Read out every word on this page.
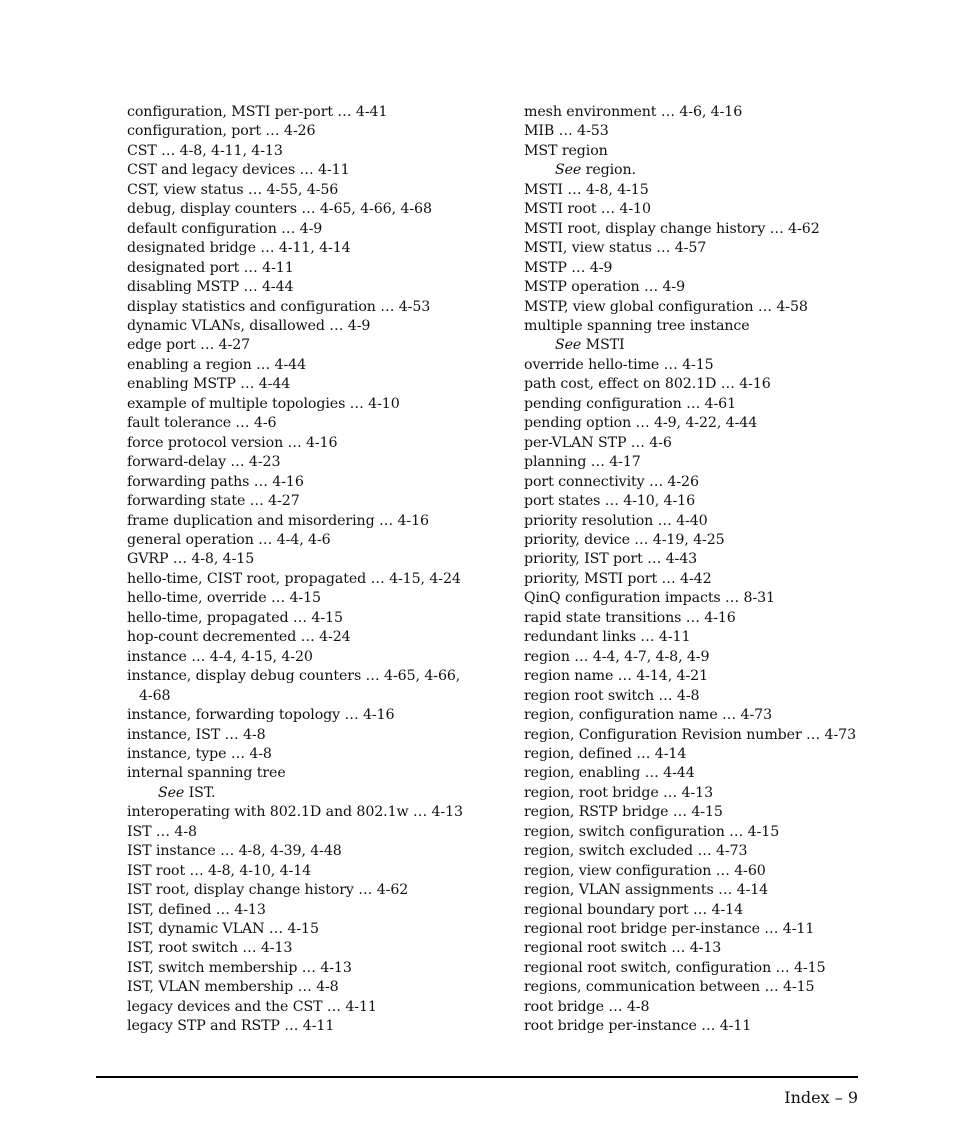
configuration, MSTI per-port … 4-41
configuration, port … 4-26
CST … 4-8, 4-11, 4-13
CST and legacy devices … 4-11
CST, view status … 4-55, 4-56
debug, display counters … 4-65, 4-66, 4-68
default configuration … 4-9
designated bridge … 4-11, 4-14
designated port … 4-11
disabling MSTP … 4-44
display statistics and configuration … 4-53
dynamic VLANs, disallowed … 4-9
edge port … 4-27
enabling a region … 4-44
enabling MSTP … 4-44
example of multiple topologies … 4-10
fault tolerance … 4-6
force protocol version … 4-16
forward-delay … 4-23
forwarding paths … 4-16
forwarding state … 4-27
frame duplication and misordering … 4-16
general operation … 4-4, 4-6
GVRP … 4-8, 4-15
hello-time, CIST root, propagated … 4-15, 4-24
hello-time, override … 4-15
hello-time, propagated … 4-15
hop-count decremented … 4-24
instance … 4-4, 4-15, 4-20
instance, display debug counters … 4-65, 4-66,
4-68
instance, forwarding topology … 4-16
instance, IST … 4-8
instance, type … 4-8
internal spanning tree
See IST.
interoperating with 802.1D and 802.1w … 4-13
IST … 4-8
IST instance … 4-8, 4-39, 4-48
IST root … 4-8, 4-10, 4-14
IST root, display change history … 4-62
IST, defined … 4-13
IST, dynamic VLAN … 4-15
IST, root switch … 4-13
IST, switch membership … 4-13
IST, VLAN membership … 4-8
legacy devices and the CST … 4-11
legacy STP and RSTP … 4-11
mesh environment … 4-6, 4-16
MIB … 4-53
MST region
See region.
MSTI … 4-8, 4-15
MSTI root … 4-10
MSTI root, display change history … 4-62
MSTI, view status … 4-57
MSTP … 4-9
MSTP operation … 4-9
MSTP, view global configuration … 4-58
multiple spanning tree instance
See MSTI
override hello-time … 4-15
path cost, effect on 802.1D … 4-16
pending configuration … 4-61
pending option … 4-9, 4-22, 4-44
per-VLAN STP … 4-6
planning … 4-17
port connectivity … 4-26
port states … 4-10, 4-16
priority resolution … 4-40
priority, device … 4-19, 4-25
priority, IST port … 4-43
priority, MSTI port … 4-42
QinQ configuration impacts … 8-31
rapid state transitions … 4-16
redundant links … 4-11
region … 4-4, 4-7, 4-8, 4-9
region name … 4-14, 4-21
region root switch … 4-8
region, configuration name … 4-73
region, Configuration Revision number … 4-73
region, defined … 4-14
region, enabling … 4-44
region, root bridge … 4-13
region, RSTP bridge … 4-15
region, switch configuration … 4-15
region, switch excluded … 4-73
region, view configuration … 4-60
region, VLAN assignments … 4-14
regional boundary port … 4-14
regional root bridge per-instance … 4-11
regional root switch … 4-13
regional root switch, configuration … 4-15
regions, communication between … 4-15
root bridge … 4-8
root bridge per-instance … 4-11
Index – 9
